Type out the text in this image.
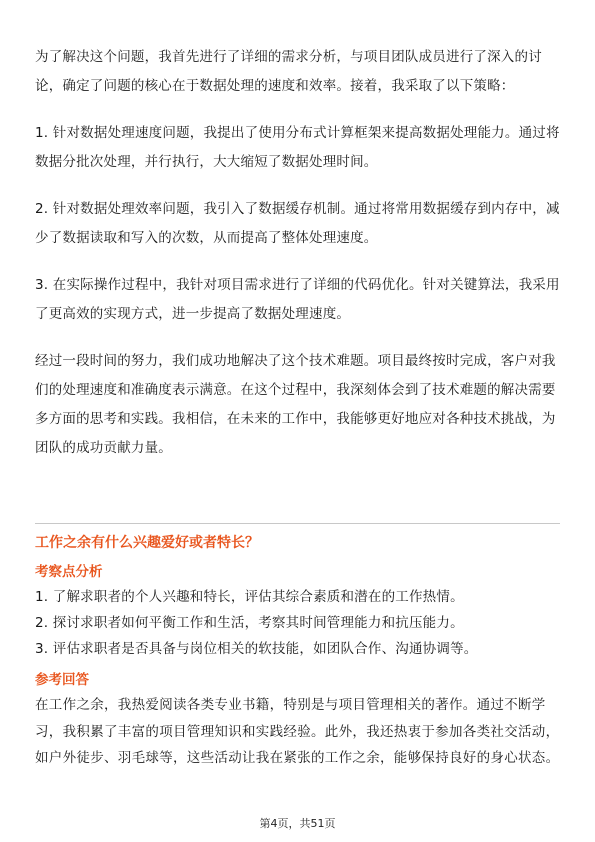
为了解决这个问题，我首先进行了详细的需求分析，与项目团队成员进行了深入的讨论，确定了问题的核心在于数据处理的速度和效率。接着，我采取了以下策略：

1. 针对数据处理速度问题，我提出了使用分布式计算框架来提高数据处理能力。通过将数据分批次处理，并行执行，大大缩短了数据处理时间。

2. 针对数据处理效率问题，我引入了数据缓存机制。通过将常用数据缓存到内存中，减少了数据读取和写入的次数，从而提高了整体处理速度。

3. 在实际操作过程中，我针对项目需求进行了详细的代码优化。针对关键算法，我采用了更高效的实现方式，进一步提高了数据处理速度。

经过一段时间的努力，我们成功地解决了这个技术难题。项目最终按时完成，客户对我们的处理速度和准确度表示满意。在这个过程中，我深刻体会到了技术难题的解决需要多方面的思考和实践。我相信，在未来的工作中，我能够更好地应对各种技术挑战，为团队的成功贡献力量。

工作之余有什么兴趣爱好或者特长？

考察点分析

1. 了解求职者的个人兴趣和特长，评估其综合素质和潜在的工作热情。

2. 探讨求职者如何平衡工作和生活，考察其时间管理能力和抗压能力。

3. 评估求职者是否具备与岗位相关的软技能，如团队合作、沟通协调等。

参考回答

在工作之余，我热爱阅读各类专业书籍，特别是与项目管理相关的著作。通过不断学习，我积累了丰富的项目管理知识和实践经验。此外，我还热衷于参加各类社交活动，如户外徒步、羽毛球等，这些活动让我在紧张的工作之余，能够保持良好的身心状态。

第4页，共51页
